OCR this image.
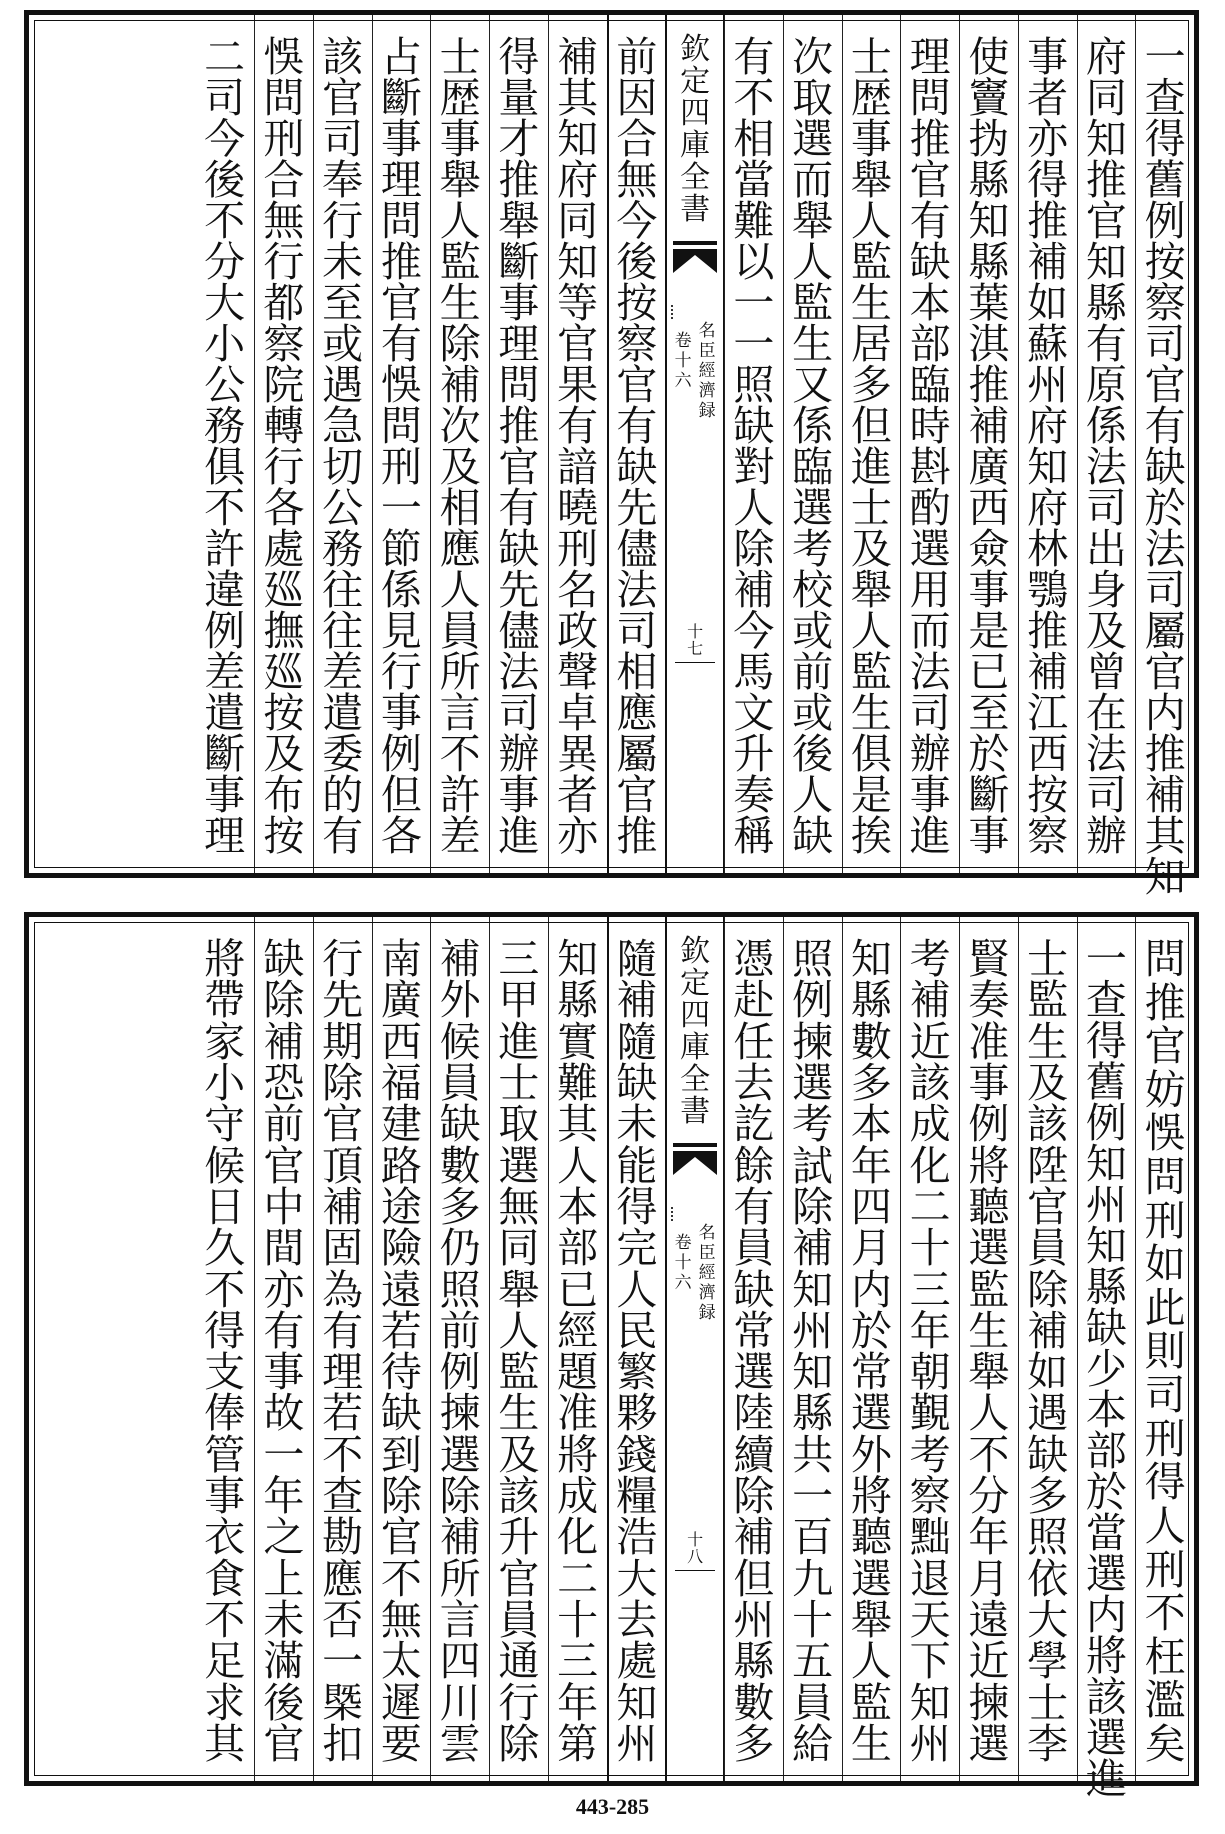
一
查
得
舊
例
按
察
司
官
有
缺
於
法
司
屬
官
内
推
補
其
知
府
同
知
推
官
知
縣
有
原
係
法
司
出
身
及
曾
在
法
司
辦
事
者
亦
得
推
補
如
蘇
州
府
知
府
林
鶚
推
補
江
西
按
察
使
竇
㧑
縣
知
縣
葉
淇
推
補
廣
西
僉
事
是
已
至
於
斷
事
理
問
推
官
有
缺
本
部
臨
時
斟
酌
選
用
而
法
司
辦
事
進
士
歴
事
舉
人
監
生
居
多
但
進
士
及
舉
人
監
生
俱
是
挨
次
取
選
而
舉
人
監
生
又
係
臨
選
考
校
或
前
或
後
人
缺
有
不
相
當
難
以
一
一
照
缺
對
人
除
補
今
馬
文
升
奏
稱
欽
定
四
庫
全
書
名
臣
經
濟
録
卷
十
六
十
七
前
因
合
無
今
後
按
察
官
有
缺
先
儘
法
司
相
應
屬
官
推
補
其
知
府
同
知
等
官
果
有
諳
曉
刑
名
政
聲
卓
異
者
亦
得
量
才
推
舉
斷
事
理
問
推
官
有
缺
先
儘
法
司
辦
事
進
士
歴
事
舉
人
監
生
除
補
次
及
相
應
人
員
所
言
不
許
差
占
斷
事
理
問
推
官
有
悞
問
刑
一
節
係
見
行
事
例
但
各
該
官
司
奉
行
未
至
或
遇
急
切
公
務
往
往
差
遣
委
的
有
悞
問
刑
合
無
行
都
察
院
轉
行
各
處
廵
撫
廵
按
及
布
按
二
司
今
後
不
分
大
小
公
務
俱
不
許
違
例
差
遣
斷
事
理
問
推
官
妨
悞
問
刑
如
此
則
司
刑
得
人
刑
不
枉
濫
矣
一
查
得
舊
例
知
州
知
縣
缺
少
本
部
於
當
選
内
將
該
選
進
士
監
生
及
該
陞
官
員
除
補
如
遇
缺
多
照
依
大
學
士
李
賢
奏
准
事
例
將
聽
選
監
生
舉
人
不
分
年
月
遠
近
揀
選
考
補
近
該
成
化
二
十
三
年
朝
覲
考
察
黜
退
天
下
知
州
知
縣
數
多
本
年
四
月
内
於
常
選
外
將
聽
選
舉
人
監
生
照
例
揀
選
考
試
除
補
知
州
知
縣
共
一
百
九
十
五
員
給
憑
赴
任
去
訖
餘
有
員
缺
常
選
陸
續
除
補
但
州
縣
數
多
欽
定
四
庫
全
書
名
臣
經
濟
録
卷
十
六
十
八
隨
補
隨
缺
未
能
得
完
人
民
繁
夥
錢
糧
浩
大
去
處
知
州
知
縣
實
難
其
人
本
部
已
經
題
准
將
成
化
二
十
三
年
第
三
甲
進
士
取
選
無
同
舉
人
監
生
及
該
升
官
員
通
行
除
補
外
候
員
缺
數
多
仍
照
前
例
揀
選
除
補
所
言
四
川
雲
南
廣
西
福
建
路
途
險
遠
若
待
缺
到
除
官
不
無
太
遲
要
行
先
期
除
官
頂
補
固
為
有
理
若
不
查
勘
應
否
一
槩
扣
缺
除
補
恐
前
官
中
間
亦
有
事
故
一
年
之
上
未
滿
後
官
將
帶
家
小
守
候
日
久
不
得
支
俸
管
事
衣
食
不
足
求
其
443-285
